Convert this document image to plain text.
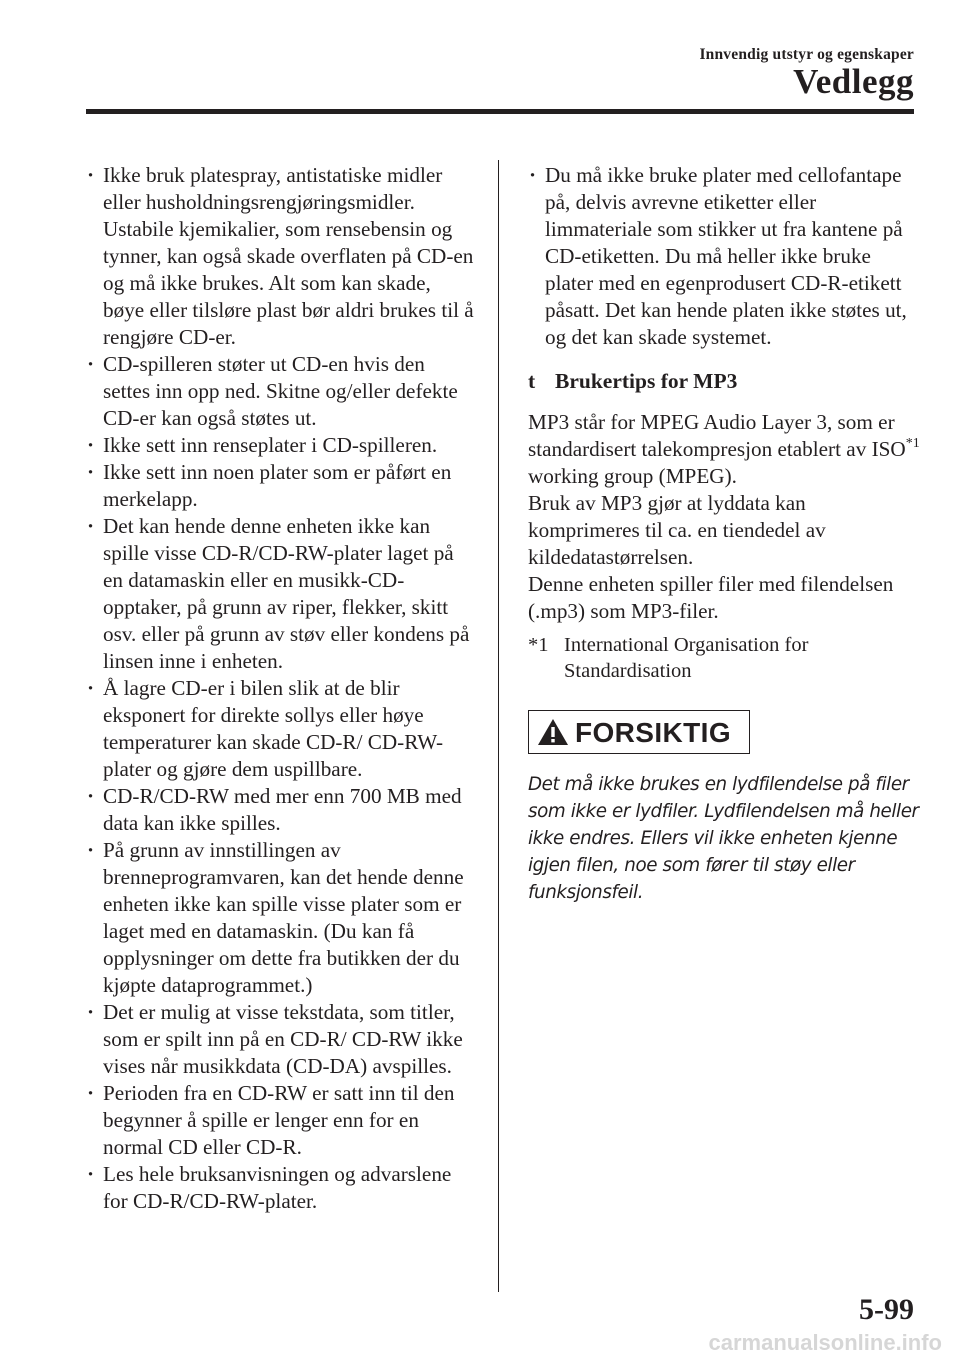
Innvendig utstyr og egenskaper
Vedlegg
· Ikke bruk platespray, antistatiske midler eller husholdningsrengjøringsmidler. Ustabile kjemikalier, som rensebensin og tynner, kan også skade overflaten på CD-en og må ikke brukes. Alt som kan skade, bøye eller tilsløre plast bør aldri brukes til å rengjøre CD-er.
· CD-spilleren støter ut CD-en hvis den settes inn opp ned. Skitne og/eller defekte CD-er kan også støtes ut.
· Ikke sett inn renseplater i CD-spilleren.
· Ikke sett inn noen plater som er påført en merkelapp.
· Det kan hende denne enheten ikke kan spille visse CD-R/CD-RW-plater laget på en datamaskin eller en musikk-CD-opptaker, på grunn av riper, flekker, skitt osv. eller på grunn av støv eller kondens på linsen inne i enheten.
· Å lagre CD-er i bilen slik at de blir eksponert for direkte sollys eller høye temperaturer kan skade CD-R/ CD-RW-plater og gjøre dem uspillbare.
· CD-R/CD-RW med mer enn 700 MB med data kan ikke spilles.
· På grunn av innstillingen av brenneprogramvaren, kan det hende denne enheten ikke kan spille visse plater som er laget med en datamaskin. (Du kan få opplysninger om dette fra butikken der du kjøpte dataprogrammet.)
· Det er mulig at visse tekstdata, som titler, som er spilt inn på en CD-R/ CD-RW ikke vises når musikkdata (CD-DA) avspilles.
· Perioden fra en CD-RW er satt inn til den begynner å spille er lenger enn for en normal CD eller CD-R.
· Les hele bruksanvisningen og advarslene for CD-R/CD-RW-plater.
· Du må ikke bruke plater med cellofantape på, delvis avrevne etiketter eller limmateriale som stikker ut fra kantene på CD-etiketten. Du må heller ikke bruke plater med en egenprodusert CD-R-etikett påsatt. Det kan hende platen ikke støtes ut, og det kan skade systemet.
t Brukertips for MP3

MP3 står for MPEG Audio Layer 3, som er standardisert talekompresjon etablert av ISO$^{*1}$ working group (MPEG).

Bruk av MP3 gjør at lyddata kan komprimeres til ca. en tiendedel av kildedatastørrelsen.

Denne enheten spiller filer med filendelsen (.mp3) som MP3-filer.

*1 International Organisation for Standardisation
FORSIKTIG

Det må ikke brukes en lydfilendelse på filer som ikke er lydfiler. Lydfilendelsen må heller ikke endres. Ellers vil ikke enheten kjenne igjen filen, noe som fører til støy eller funksjonsfeil.

5-99
carmanualsonline.info
